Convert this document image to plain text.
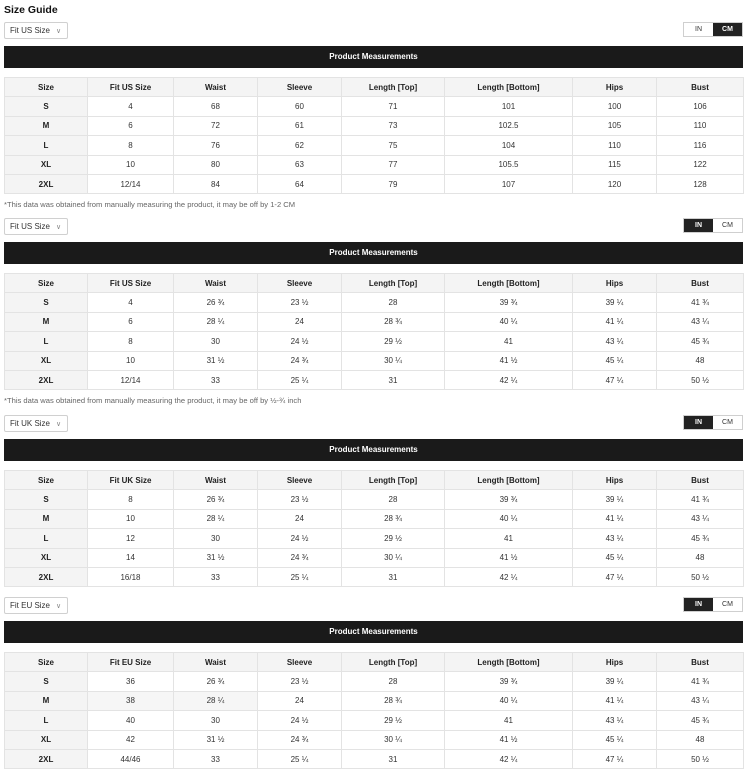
Size Guide
Fit US Size ∨	IN	CM
Product Measurements
Size	Fit US Size	Waist	Sleeve	Length [Top]	Length [Bottom]	Hips	Bust
S	4	68	60	71	101	100	106
M	6	72	61	73	102.5	105	110
L	8	76	62	75	104	110	116
XL	10	80	63	77	105.5	115	122
2XL	12/14	84	64	79	107	120	128
*This data was obtained from manually measuring the product, it may be off by 1-2 CM
Fit US Size ∨	IN	CM
Product Measurements
Size	Fit US Size	Waist	Sleeve	Length [Top]	Length [Bottom]	Hips	Bust
S	4	26 ¾	23 ½	28	39 ¾	39 ¼	41 ¾
M	6	28 ¼	24	28 ¾	40 ¼	41 ¼	43 ¼
L	8	30	24 ½	29 ½	41	43 ¼	45 ¾
XL	10	31 ½	24 ¾	30 ¼	41 ½	45 ¼	48
2XL	12/14	33	25 ¼	31	42 ¼	47 ¼	50 ½
*This data was obtained from manually measuring the product, it may be off by ½-¾ inch
Fit UK Size ∨	IN	CM
Product Measurements
Size	Fit UK Size	Waist	Sleeve	Length [Top]	Length [Bottom]	Hips	Bust
S	8	26 ¾	23 ½	28	39 ¾	39 ¼	41 ¾
M	10	28 ¼	24	28 ¾	40 ¼	41 ¼	43 ¼
L	12	30	24 ½	29 ½	41	43 ¼	45 ¾
XL	14	31 ½	24 ¾	30 ¼	41 ½	45 ¼	48
2XL	16/18	33	25 ¼	31	42 ¼	47 ¼	50 ½
Fit EU Size ∨	IN	CM
Product Measurements
Size	Fit EU Size	Waist	Sleeve	Length [Top]	Length [Bottom]	Hips	Bust
S	36	26 ¾	23 ½	28	39 ¾	39 ¼	41 ¾
M	38	28 ¼	24	28 ¾	40 ¼	41 ¼	43 ¼
L	40	30	24 ½	29 ½	41	43 ¼	45 ¾
XL	42	31 ½	24 ¾	30 ¼	41 ½	45 ¼	48
2XL	44/46	33	25 ¼	31	42 ¼	47 ¼	50 ½
